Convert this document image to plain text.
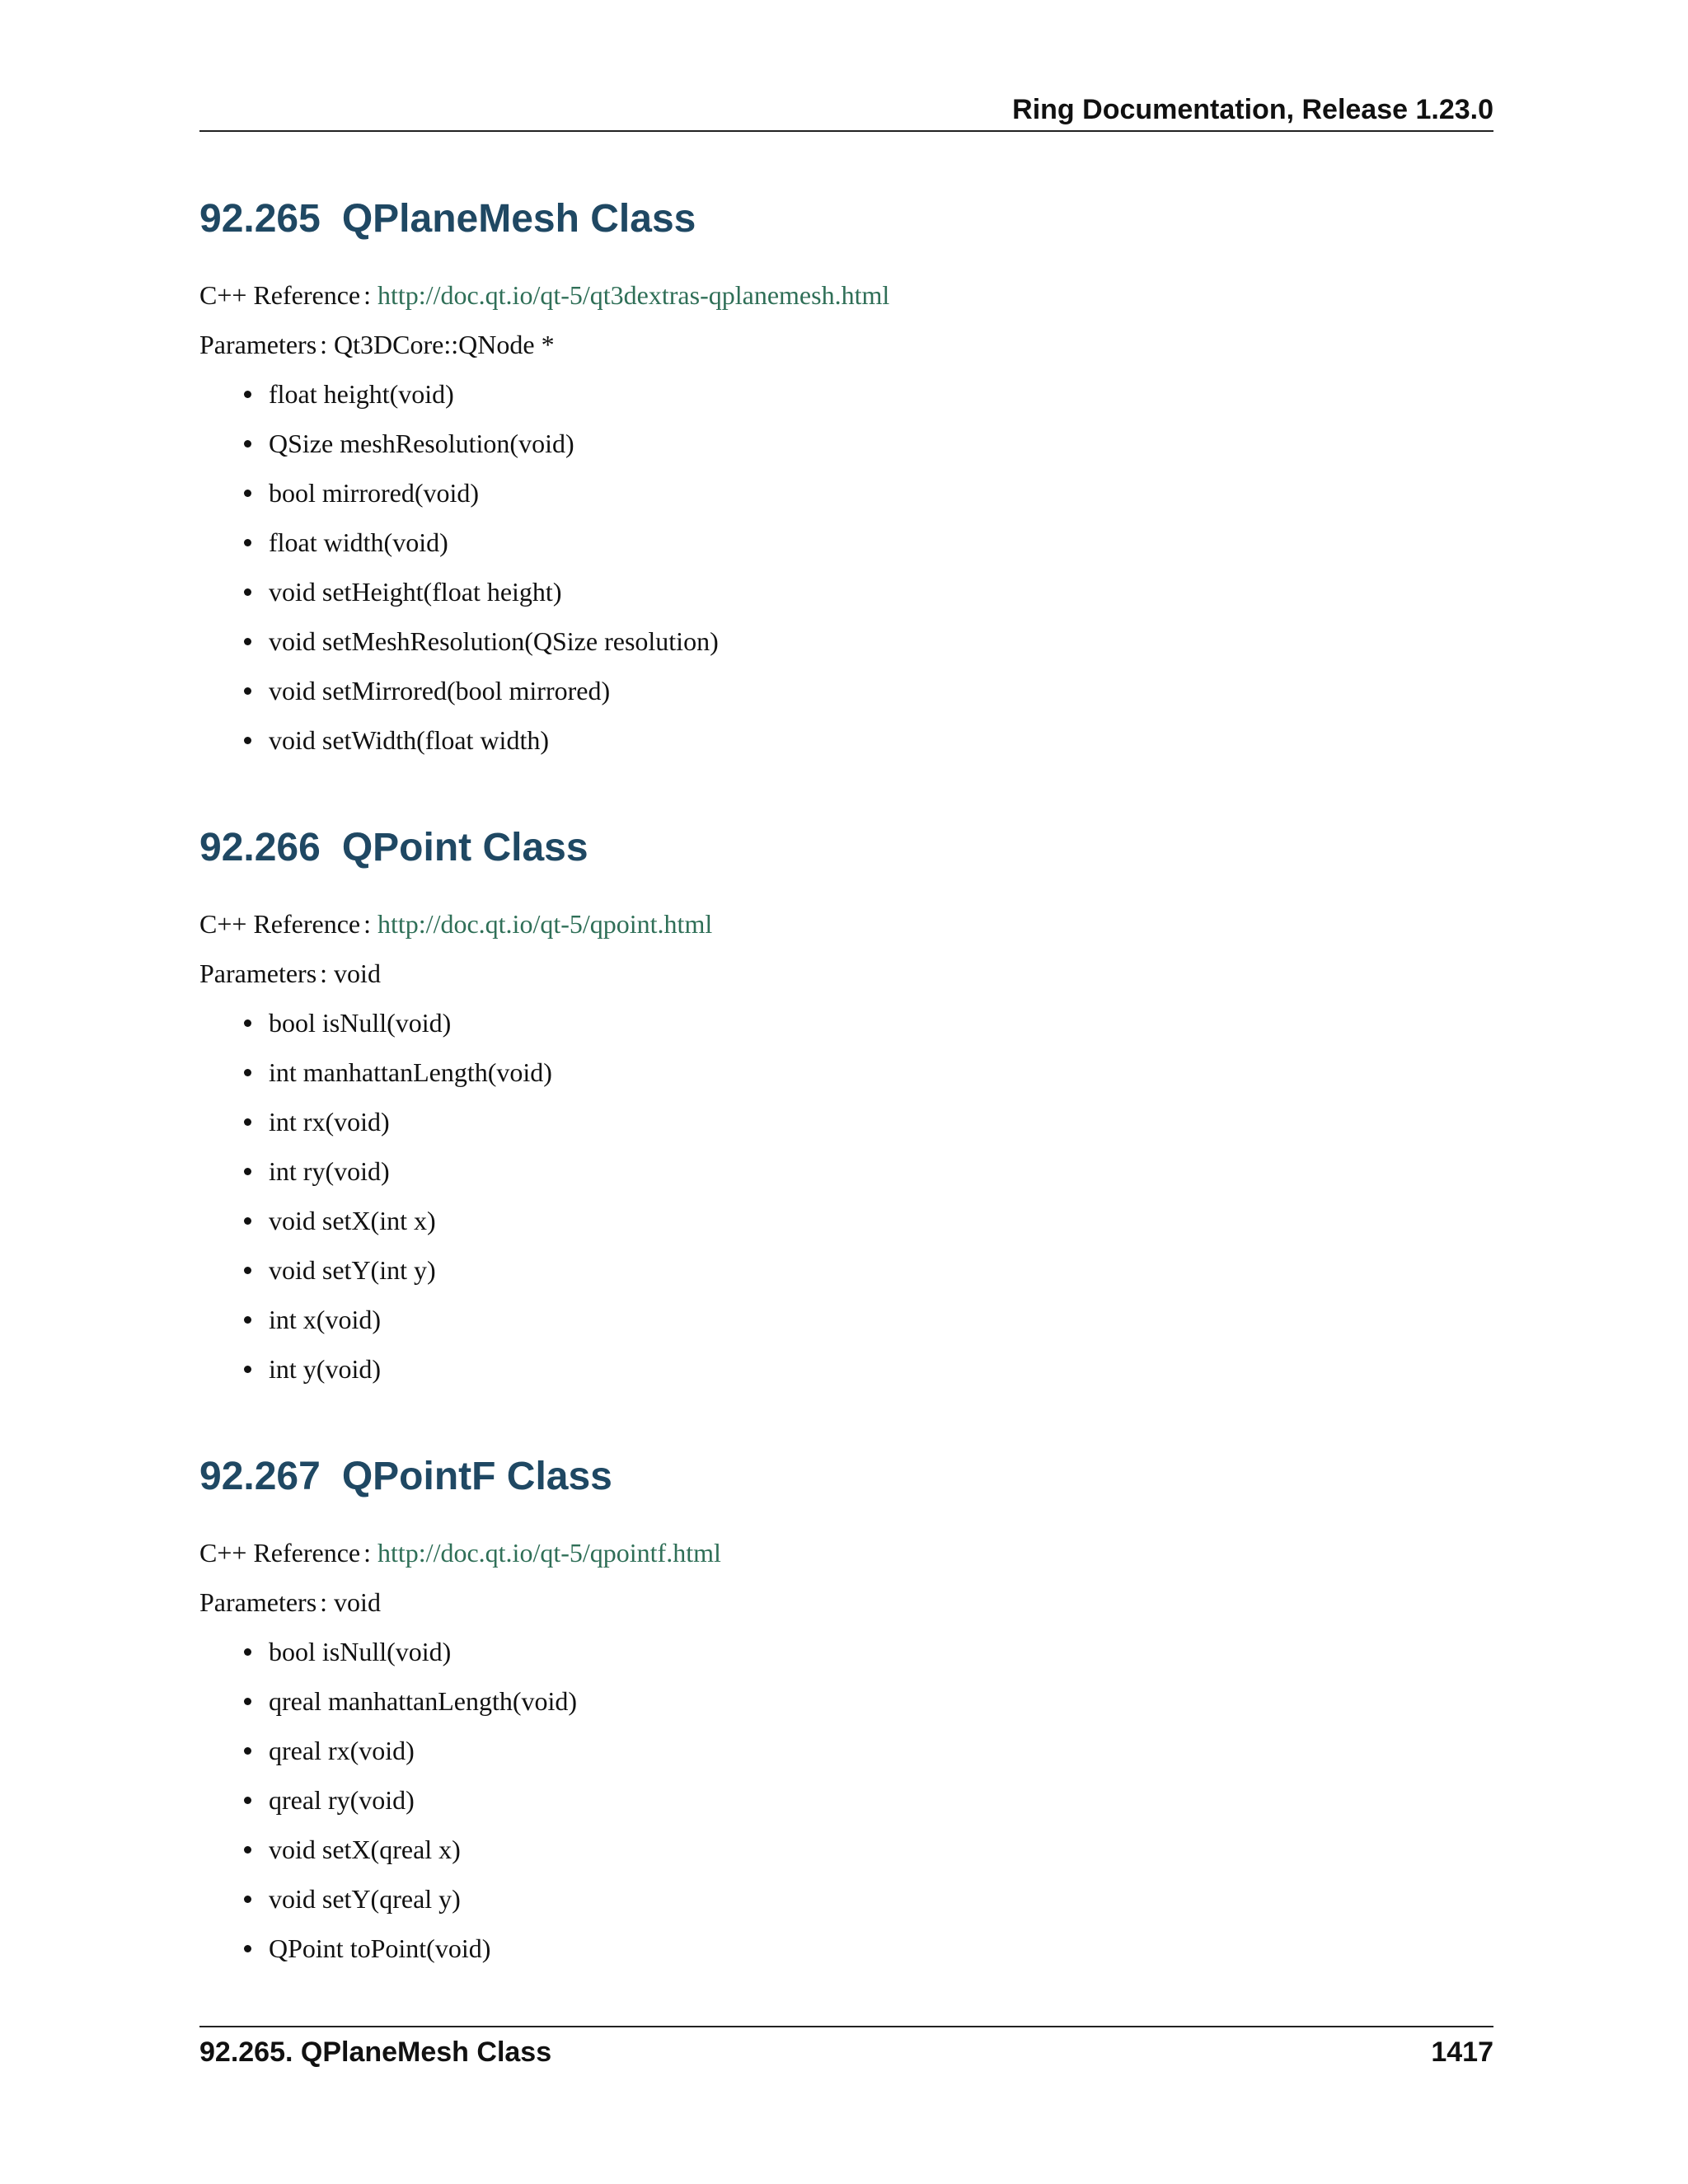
Ring Documentation, Release 1.23.0
92.265 QPlaneMesh Class
C++ Reference : http://doc.qt.io/qt-5/qt3dextras-qplanemesh.html
Parameters : Qt3DCore::QNode *
float height(void)
QSize meshResolution(void)
bool mirrored(void)
float width(void)
void setHeight(float height)
void setMeshResolution(QSize resolution)
void setMirrored(bool mirrored)
void setWidth(float width)
92.266 QPoint Class
C++ Reference : http://doc.qt.io/qt-5/qpoint.html
Parameters : void
bool isNull(void)
int manhattanLength(void)
int rx(void)
int ry(void)
void setX(int x)
void setY(int y)
int x(void)
int y(void)
92.267 QPointF Class
C++ Reference : http://doc.qt.io/qt-5/qpointf.html
Parameters : void
bool isNull(void)
qreal manhattanLength(void)
qreal rx(void)
qreal ry(void)
void setX(qreal x)
void setY(qreal y)
QPoint toPoint(void)
92.265. QPlaneMesh Class	1417
